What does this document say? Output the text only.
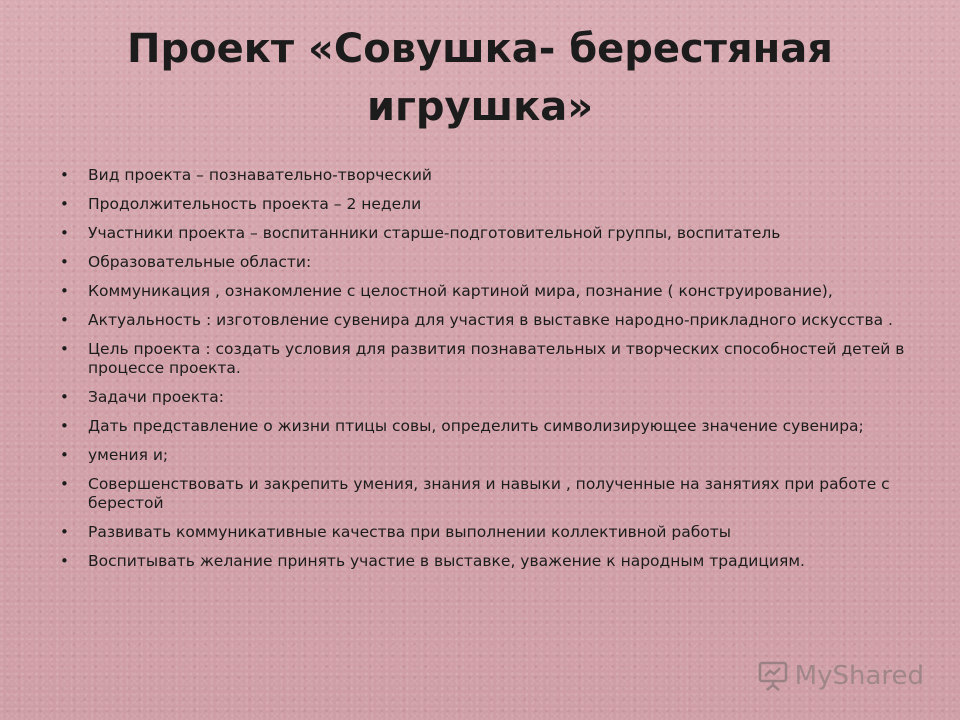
Проект «Совушка- берестяная
игрушка»
• Вид проекта – познавательно-творческий
• Продолжительность проекта – 2 недели
• Участники проекта – воспитанники старше-подготовительной группы, воспитатель
• Образовательные области:
• Коммуникация , ознакомление с целостной картиной мира, познание ( конструирование),
• Актуальность : изготовление сувенира для участия в выставке народно-прикладного искусства .
• Цель проекта : создать условия для развития познавательных и творческих способностей детей в процессе проекта.
• Задачи проекта:
• Дать представление о жизни птицы совы, определить символизирующее значение сувенира;
• умения и;
• Совершенствовать и закрепить умения, знания и навыки , полученные на занятиях при работе с берестой
• Развивать коммуникативные качества при выполнении коллективной работы
• Воспитывать желание принять участие в выставке, уважение к народным традициям.
MyShared
